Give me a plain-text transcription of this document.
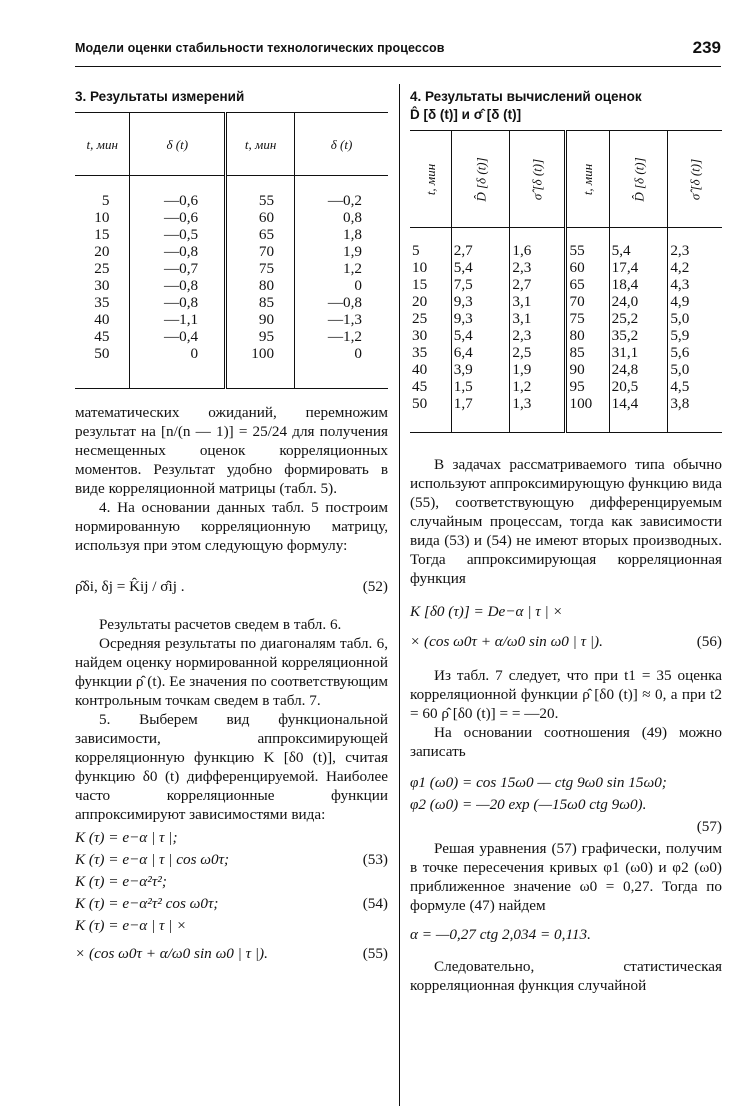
Модели оценки стабильности технологических процессов	239
3. Результаты измерений
t, мин	δ (t)	t, мин	δ (t)
5	—0,6	55	—0,2
10	—0,6	60	0,8
15	—0,5	65	1,8
20	—0,8	70	1,9
25	—0,7	75	1,2
30	—0,8	80	0
35	—0,8	85	—0,8
40	—1,1	90	—1,3
45	—0,4	95	—1,2
50	0	100	0

математических ожиданий, перемножим результат на [n/(n — 1)] = 25/24 для получения несмещенных оценок корреляционных моментов. Результат удобно формировать в виде корреляционной матрицы (табл. 5).

4. На основании данных табл. 5 построим нормированную корреляционную матрицу, используя при этом следующую формулу:

ρ̂δi, δj = K̂ij / σ̂ij .	(52)

Результаты расчетов сведем в табл. 6.

Осредняя результаты по диагоналям табл. 6, найдем оценку нормированной корреляционной функции ρ̂ (t). Ее значения по соответствующим контрольным точкам сведем в табл. 7.

5. Выберем вид функциональной зависимости, аппроксимирующей корреляционную функцию K [δ0 (t)], считая функцию δ0 (t) дифференцируемой. Наиболее часто корреляционные функции аппроксимируют зависимостями вида:

K (τ) = e−α | τ |;
K (τ) = e−α | τ | cos ω0τ;	(53)
K (τ) = e−α²τ²;
K (τ) = e−α²τ² cos ω0τ;	(54)
K (τ) = e−α | τ | ×
× (cos ω0τ + α/ω0 sin ω0 | τ |).	(55)
4. Результаты вычислений оценок
D̂ [δ (t)] и σ̂ [δ (t)]
t, мин	D̂ [δ (t)]	σ̂ [δ (t)]	t, мин	D̂ [δ (t)]	σ̂ [δ (t)]

5	2,7	1,6	55	5,4	2,3
10	5,4	2,3	60	17,4	4,2
15	7,5	2,7	65	18,4	4,3
20	9,3	3,1	70	24,0	4,9
25	9,3	3,1	75	25,2	5,0
30	5,4	2,3	80	35,2	5,9
35	6,4	2,5	85	31,1	5,6
40	3,9	1,9	90	24,8	5,0
45	1,5	1,2	95	20,5	4,5
50	1,7	1,3	100	14,4	3,8

В задачах рассматриваемого типа обычно используют аппроксимирующую функцию вида (55), соответствующую дифференцируемым случайным процессам, тогда как зависимости вида (53) и (54) не имеют вторых производных. Тогда аппроксимирующая корреляционная функция

K [δ0 (τ)] = De−α | τ | ×
× (cos ω0τ + α/ω0 sin ω0 | τ |).	(56)

Из табл. 7 следует, что при t1 = 35 оценка корреляционной функции ρ̂ [δ0 (t)] ≈ 0, а при t2 = 60 ρ̂ [δ0 (t)] = = —20.

На основании соотношения (49) можно записать

φ1 (ω0) = cos 15ω0 — ctg 9ω0 sin 15ω0;
φ2 (ω0) = —20 exp (—15ω0 ctg 9ω0).
(57)

Решая уравнения (57) графически, получим в точке пересечения кривых φ1 (ω0) и φ2 (ω0) приближенное значение ω0 = 0,27. Тогда по формуле (47) найдем

α = —0,27 ctg 2,034 = 0,113.

Следовательно, статистическая корреляционная функция случайной
